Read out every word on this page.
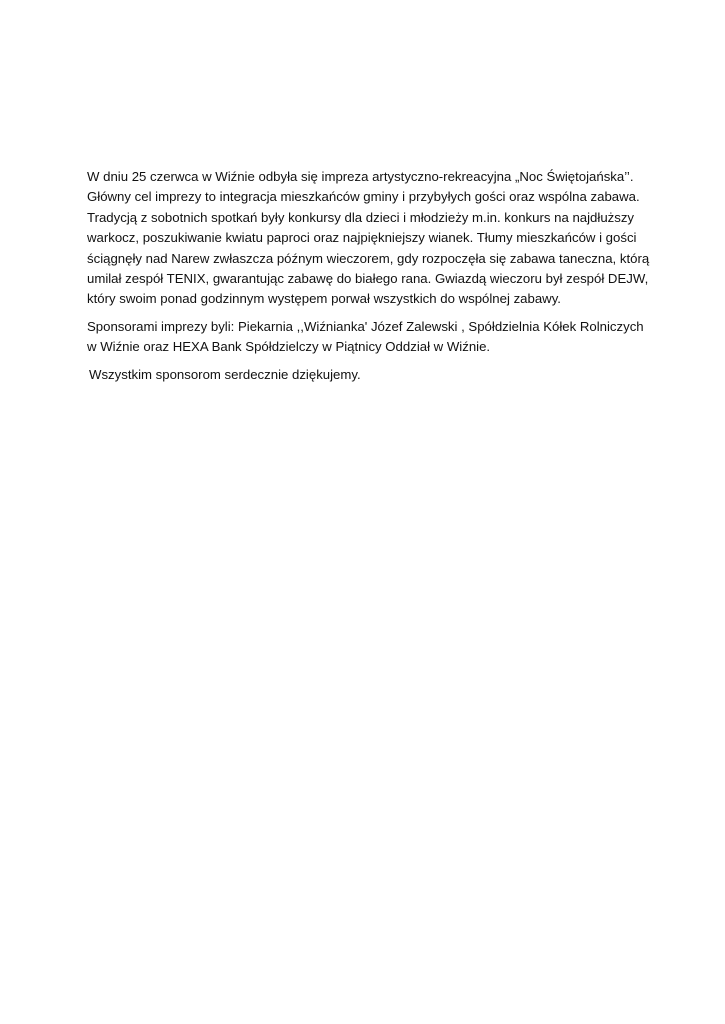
W dniu 25 czerwca w Wiźnie odbyła się impreza artystyczno-rekreacyjna „Noc Świętojańska’’.
Główny cel imprezy to integracja mieszkańców gminy i przybyłych gości oraz wspólna zabawa.
Tradycją z sobotnich spotkań były konkursy dla dzieci i młodzieży m.in. konkurs na najdłuższy
warkocz, poszukiwanie kwiatu paproci oraz najpiękniejszy wianek. Tłumy mieszkańców i gości
ściągnęły nad Narew zwłaszcza późnym wieczorem, gdy rozpoczęła się zabawa taneczna, którą
umilał zespół TENIX, gwarantując zabawę do białego rana. Gwiazdą wieczoru był zespół DEJW,
który swoim ponad godzinnym występem porwał wszystkich do wspólnej zabawy.

Sponsorami imprezy byli: Piekarnia ,,Wiźnianka' Józef Zalewski , Spółdzielnia Kółek Rolniczych
w Wiźnie oraz HEXA Bank Spółdzielczy w Piątnicy Oddział w Wiźnie.

Wszystkim sponsorom serdecznie dziękujemy.
